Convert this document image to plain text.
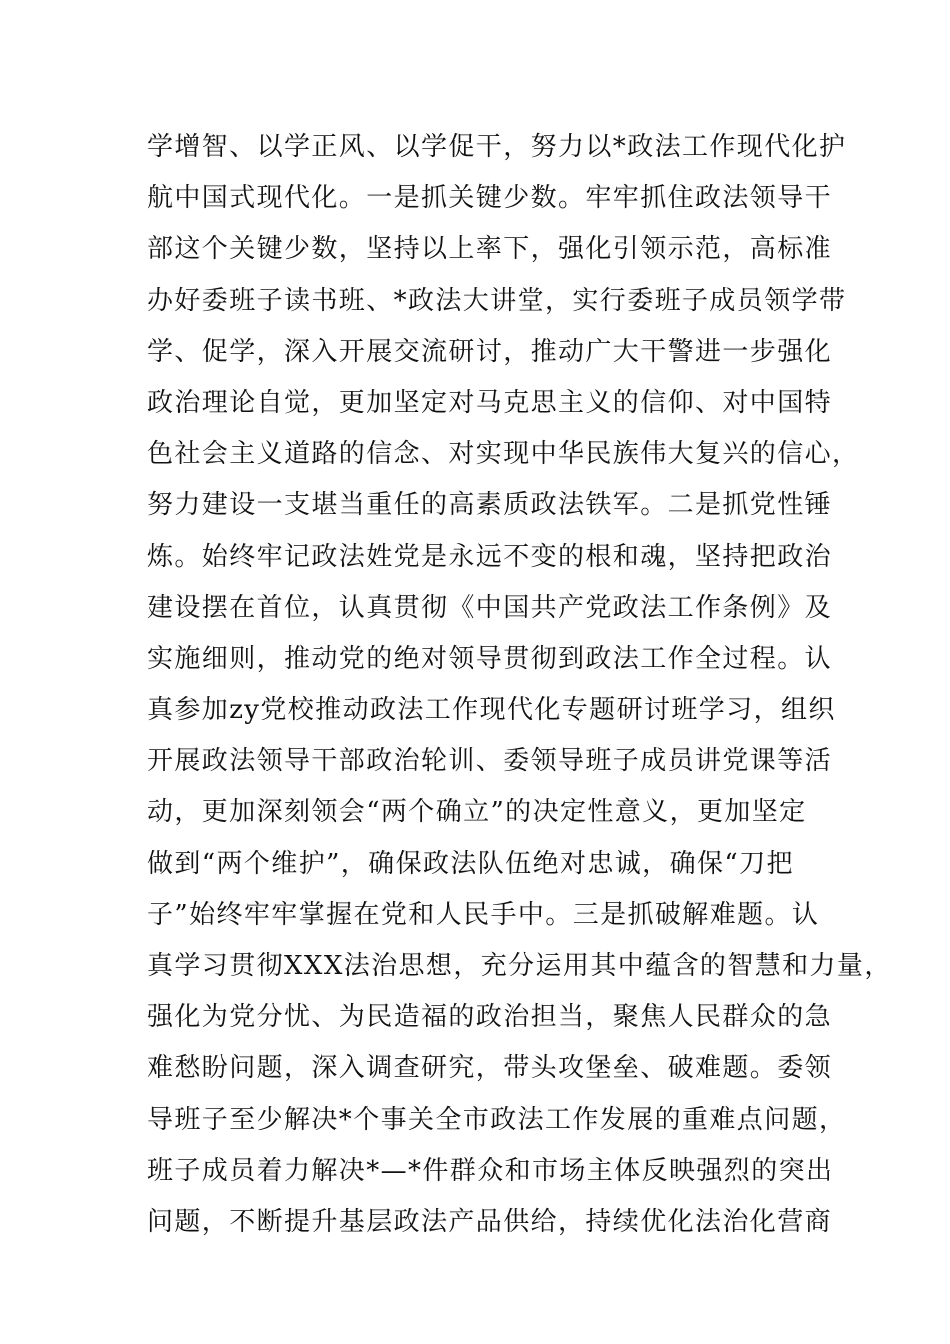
学增智、以学正风、以学促干，努力以*政法工作现代化护
航中国式现代化。一是抓关键少数。牢牢抓住政法领导干
部这个关键少数，坚持以上率下，强化引领示范，高标准
办好委班子读书班、*政法大讲堂，实行委班子成员领学带
学、促学，深入开展交流研讨，推动广大干警进一步强化
政治理论自觉，更加坚定对马克思主义的信仰、对中国特
色社会主义道路的信念、对实现中华民族伟大复兴的信心，
努力建设一支堪当重任的高素质政法铁军。二是抓党性锤
炼。始终牢记政法姓党是永远不变的根和魂，坚持把政治
建设摆在首位，认真贯彻《中国共产党政法工作条例》及
实施细则，推动党的绝对领导贯彻到政法工作全过程。认
真参加zy党校推动政法工作现代化专题研讨班学习，组织
开展政法领导干部政治轮训、委领导班子成员讲党课等活
动，更加深刻领会“两个确立”的决定性意义，更加坚定
做到“两个维护”，确保政法队伍绝对忠诚，确保“刀把
子”始终牢牢掌握在党和人民手中。三是抓破解难题。认
真学习贯彻XXX法治思想，充分运用其中蕴含的智慧和力量，
强化为党分忧、为民造福的政治担当，聚焦人民群众的急
难愁盼问题，深入调查研究，带头攻堡垒、破难题。委领
导班子至少解决*个事关全市政法工作发展的重难点问题，
班子成员着力解决*—*件群众和市场主体反映强烈的突出
问题，不断提升基层政法产品供给，持续优化法治化营商
